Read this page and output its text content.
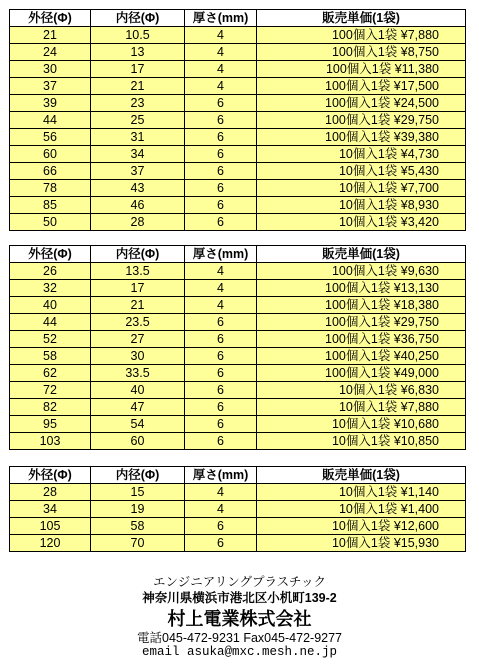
外径(Φ)	内径(Φ)	厚さ(mm)	販売単価(1袋)
21	10.5	4	100個入1袋 ¥7,880
24	13	4	100個入1袋 ¥8,750
30	17	4	100個入1袋 ¥11,380
37	21	4	100個入1袋 ¥17,500
39	23	6	100個入1袋 ¥24,500
44	25	6	100個入1袋 ¥29,750
56	31	6	100個入1袋 ¥39,380
60	34	6	10個入1袋 ¥4,730
66	37	6	10個入1袋 ¥5,430
78	43	6	10個入1袋 ¥7,700
85	46	6	10個入1袋 ¥8,930
50	28	6	10個入1袋 ¥3,420
外径(Φ)	内径(Φ)	厚さ(mm)	販売単価(1袋)
26	13.5	4	100個入1袋 ¥9,630
32	17	4	100個入1袋 ¥13,130
40	21	4	100個入1袋 ¥18,380
44	23.5	6	100個入1袋 ¥29,750
52	27	6	100個入1袋 ¥36,750
58	30	6	100個入1袋 ¥40,250
62	33.5	6	100個入1袋 ¥49,000
72	40	6	10個入1袋 ¥6,830
82	47	6	10個入1袋 ¥7,880
95	54	6	10個入1袋 ¥10,680
103	60	6	10個入1袋 ¥10,850
外径(Φ)	内径(Φ)	厚さ(mm)	販売単価(1袋)
28	15	4	10個入1袋 ¥1,140
34	19	4	10個入1袋 ¥1,400
105	58	6	10個入1袋 ¥12,600
120	70	6	10個入1袋 ¥15,930
エンジニアリングプラスチック
神奈川県横浜市港北区小机町139-2
村上電業株式会社
電話045-472-9231 Fax045-472-9277
email asuka@mxc.mesh.ne.jp
